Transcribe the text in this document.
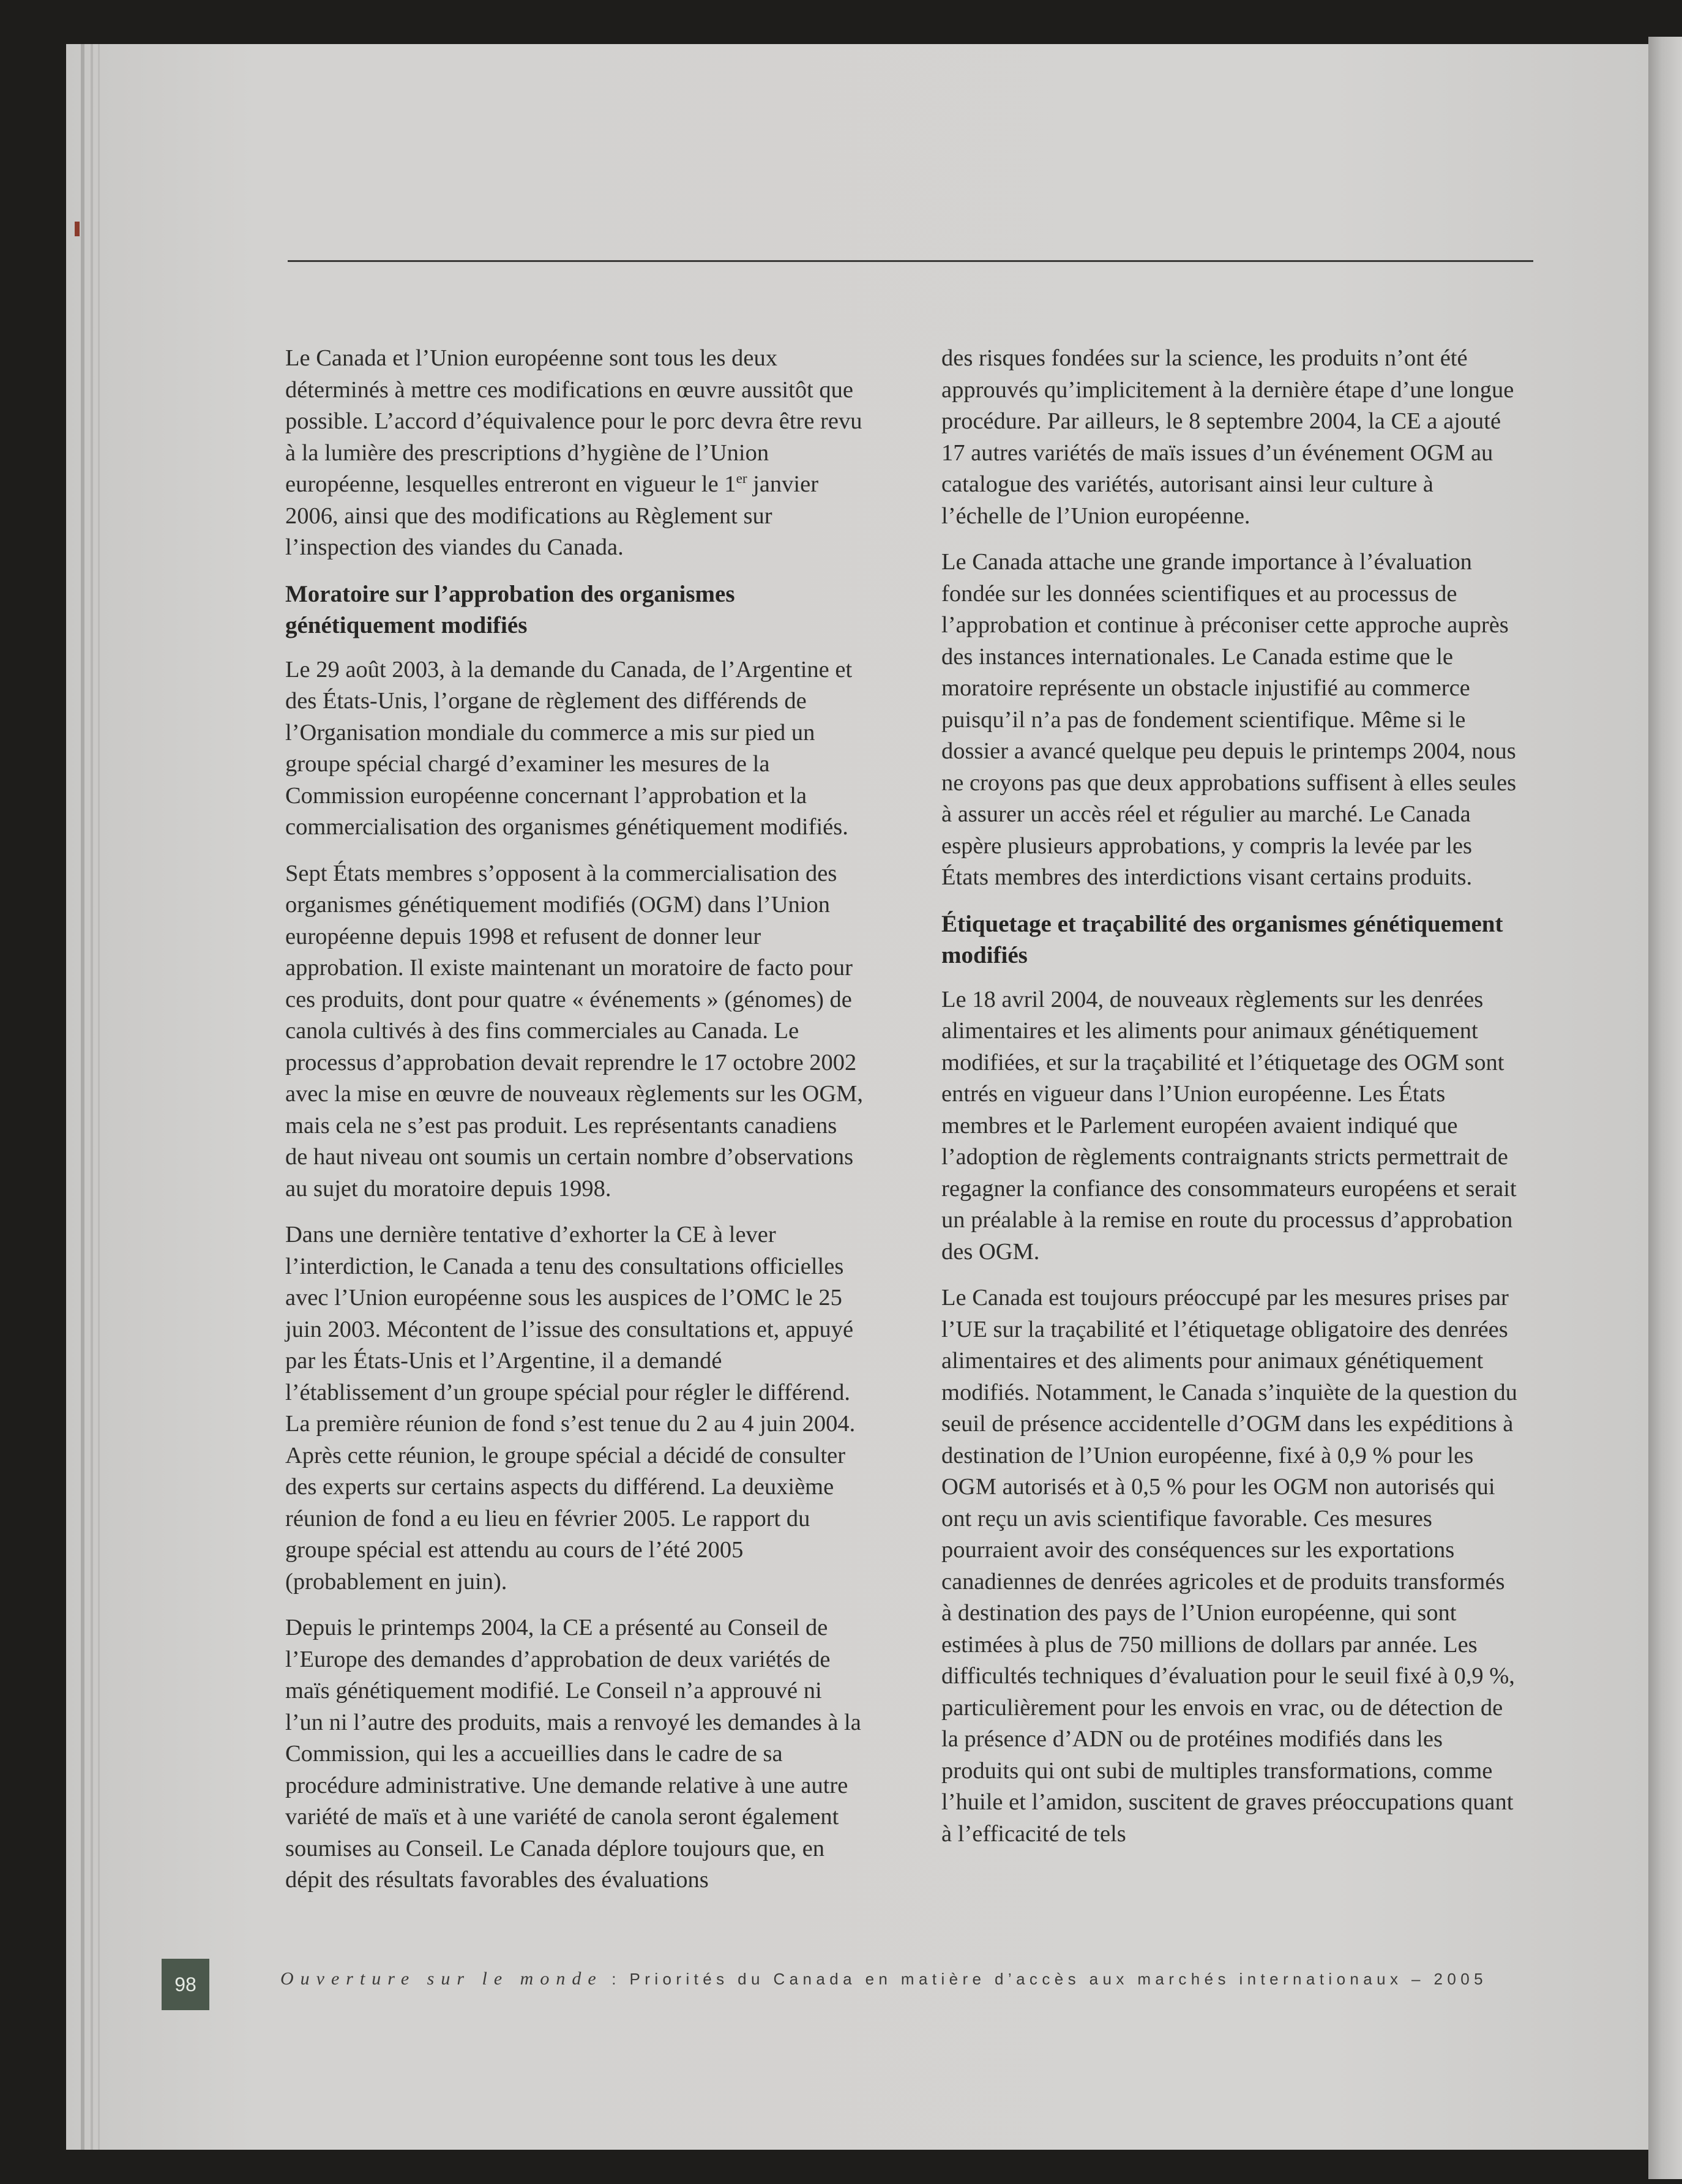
Le Canada et l’Union européenne sont tous les deux déterminés à mettre ces modifications en œuvre aussitôt que possible. L’accord d’équivalence pour le porc devra être revu à la lumière des prescriptions d’hygiène de l’Union européenne, lesquelles entreront en vigueur le 1er janvier 2006, ainsi que des modifications au Règlement sur l’inspection des viandes du Canada.

Moratoire sur l’approbation des organismes génétiquement modifiés

Le 29 août 2003, à la demande du Canada, de l’Argentine et des États-Unis, l’organe de règlement des différends de l’Organisation mondiale du commerce a mis sur pied un groupe spécial chargé d’examiner les mesures de la Commission européenne concernant l’approbation et la commercialisation des organismes génétiquement modifiés.

Sept États membres s’opposent à la commercialisation des organismes génétiquement modifiés (OGM) dans l’Union européenne depuis 1998 et refusent de donner leur approbation. Il existe maintenant un moratoire de facto pour ces produits, dont pour quatre « événements » (génomes) de canola cultivés à des fins commerciales au Canada. Le processus d’approbation devait reprendre le 17 octobre 2002 avec la mise en œuvre de nouveaux règlements sur les OGM, mais cela ne s’est pas produit. Les représentants canadiens de haut niveau ont soumis un certain nombre d’observations au sujet du moratoire depuis 1998.

Dans une dernière tentative d’exhorter la CE à lever l’interdiction, le Canada a tenu des consultations officielles avec l’Union européenne sous les auspices de l’OMC le 25 juin 2003. Mécontent de l’issue des consultations et, appuyé par les États-Unis et l’Argentine, il a demandé l’établissement d’un groupe spécial pour régler le différend. La première réunion de fond s’est tenue du 2 au 4 juin 2004. Après cette réunion, le groupe spécial a décidé de consulter des experts sur certains aspects du différend. La deuxième réunion de fond a eu lieu en février 2005. Le rapport du groupe spécial est attendu au cours de l’été 2005 (probablement en juin).

Depuis le printemps 2004, la CE a présenté au Conseil de l’Europe des demandes d’approbation de deux variétés de maïs génétiquement modifié. Le Conseil n’a approuvé ni l’un ni l’autre des produits, mais a renvoyé les demandes à la Commission, qui les a accueillies dans le cadre de sa procédure administrative. Une demande relative à une autre variété de maïs et à une variété de canola seront également soumises au Conseil. Le Canada déplore toujours que, en dépit des résultats favorables des évaluations

des risques fondées sur la science, les produits n’ont été approuvés qu’implicitement à la dernière étape d’une longue procédure. Par ailleurs, le 8 septembre 2004, la CE a ajouté 17 autres variétés de maïs issues d’un événement OGM au catalogue des variétés, autorisant ainsi leur culture à l’échelle de l’Union européenne.

Le Canada attache une grande importance à l’évaluation fondée sur les données scientifiques et au processus de l’approbation et continue à préconiser cette approche auprès des instances internationales. Le Canada estime que le moratoire représente un obstacle injustifié au commerce puisqu’il n’a pas de fondement scientifique. Même si le dossier a avancé quelque peu depuis le printemps 2004, nous ne croyons pas que deux approbations suffisent à elles seules à assurer un accès réel et régulier au marché. Le Canada espère plusieurs approbations, y compris la levée par les États membres des interdictions visant certains produits.

Étiquetage et traçabilité des organismes génétiquement modifiés

Le 18 avril 2004, de nouveaux règlements sur les denrées alimentaires et les aliments pour animaux génétiquement modifiées, et sur la traçabilité et l’étiquetage des OGM sont entrés en vigueur dans l’Union européenne. Les États membres et le Parlement européen avaient indiqué que l’adoption de règlements contraignants stricts permettrait de regagner la confiance des consommateurs européens et serait un préalable à la remise en route du processus d’approbation des OGM.

Le Canada est toujours préoccupé par les mesures prises par l’UE sur la traçabilité et l’étiquetage obligatoire des denrées alimentaires et des aliments pour animaux génétiquement modifiés. Notamment, le Canada s’inquiète de la question du seuil de présence accidentelle d’OGM dans les expéditions à destination de l’Union européenne, fixé à 0,9 % pour les OGM autorisés et à 0,5 % pour les OGM non autorisés qui ont reçu un avis scientifique favorable. Ces mesures pourraient avoir des conséquences sur les exportations canadiennes de denrées agricoles et de produits transformés à destination des pays de l’Union européenne, qui sont estimées à plus de 750 millions de dollars par année. Les difficultés techniques d’évaluation pour le seuil fixé à 0,9 %, particulièrement pour les envois en vrac, ou de détection de la présence d’ADN ou de protéines modifiés dans les produits qui ont subi de multiples transformations, comme l’huile et l’amidon, suscitent de graves préoccupations quant à l’efficacité de tels

98	Ouverture sur le monde : Priorités du Canada en matière d’accès aux marchés internationaux – 2005
